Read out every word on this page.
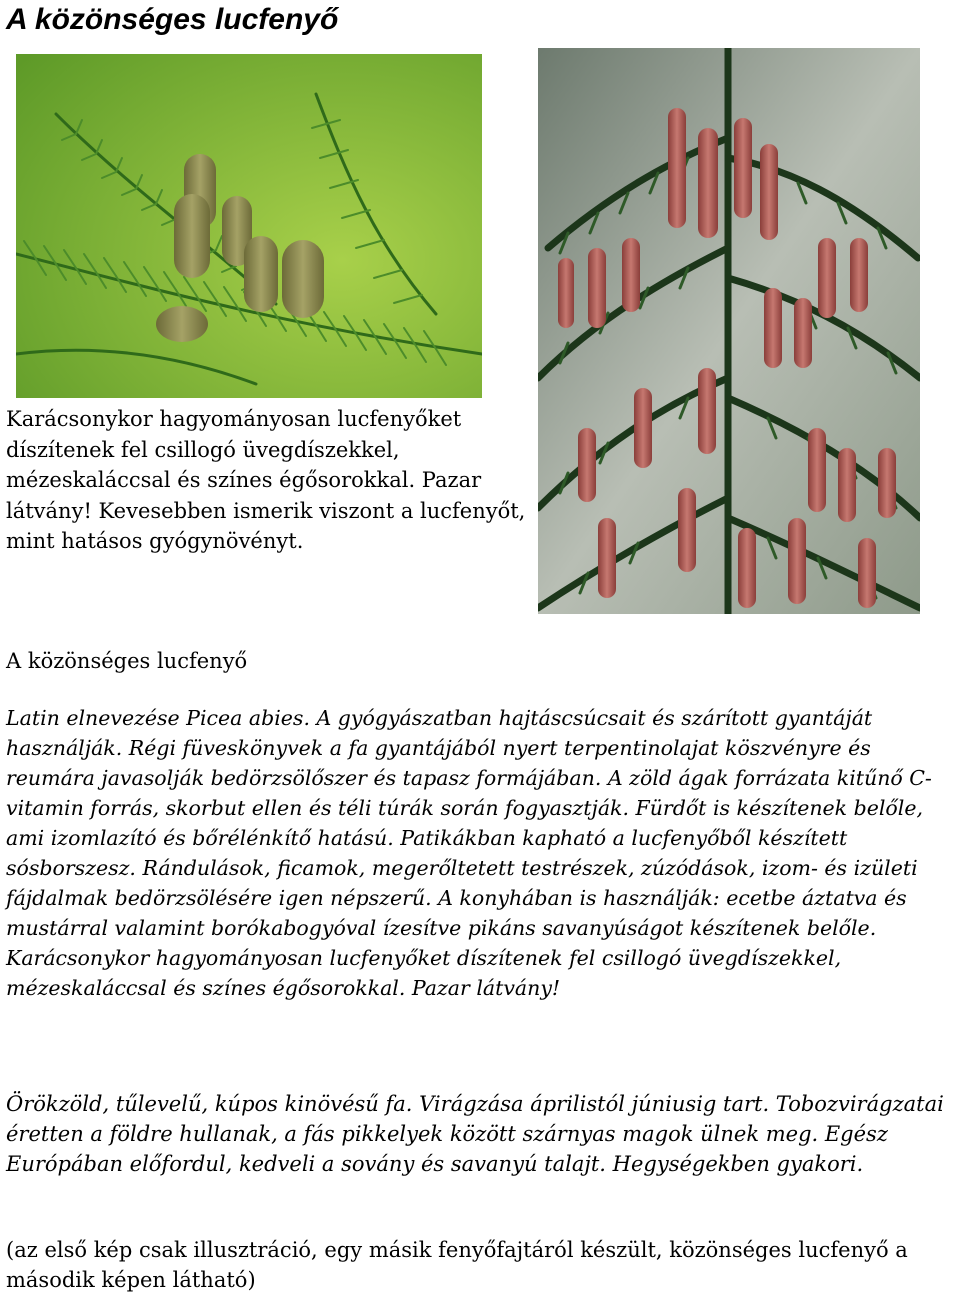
A közönséges lucfenyő

Karácsonykor hagyományosan lucfenyőket díszítenek fel csillogó üvegdíszekkel, mézeskaláccsal és színes égősorokkal. Pazar látvány! Kevesebben ismerik viszont a lucfenyőt, mint hatásos gyógynövényt.

A közönséges lucfenyő

Latin elnevezése Picea abies. A gyógyászatban hajtáscsúcsait és szárított gyantáját használják. Régi füveskönyvek a fa gyantájából nyert terpentinolajat köszvényre és reumára javasolják bedörzsölőszer és tapasz formájában. A zöld ágak forrázata kitűnő C-vitamin forrás, skorbut ellen és téli túrák során fogyasztják. Fürdőt is készítenek belőle, ami izomlazító és bőrélénkítő hatású. Patikákban kapható a lucfenyőből készített sósborszesz. Rándulások, ficamok, megerőltetett testrészek, zúzódások, izom- és izületi fájdalmak bedörzsölésére igen népszerű. A konyhában is használják: ecetbe áztatva és mustárral valamint borókabogyóval ízesítve pikáns savanyúságot készítenek belőle. Karácsonykor hagyományosan lucfenyőket díszítenek fel csillogó üvegdíszekkel, mézeskaláccsal és színes égősorokkal. Pazar látvány!

Örökzöld, tűlevelű, kúpos kinövésű fa. Virágzása áprilistól júniusig tart. Tobozvirágzatai éretten a földre hullanak, a fás pikkelyek között szárnyas magok ülnek meg. Egész Európában előfordul, kedveli a sovány és savanyú talajt. Hegységekben gyakori.

(az első kép csak illusztráció, egy másik fenyőfajtáról készült, közönséges lucfenyő a második képen látható)
